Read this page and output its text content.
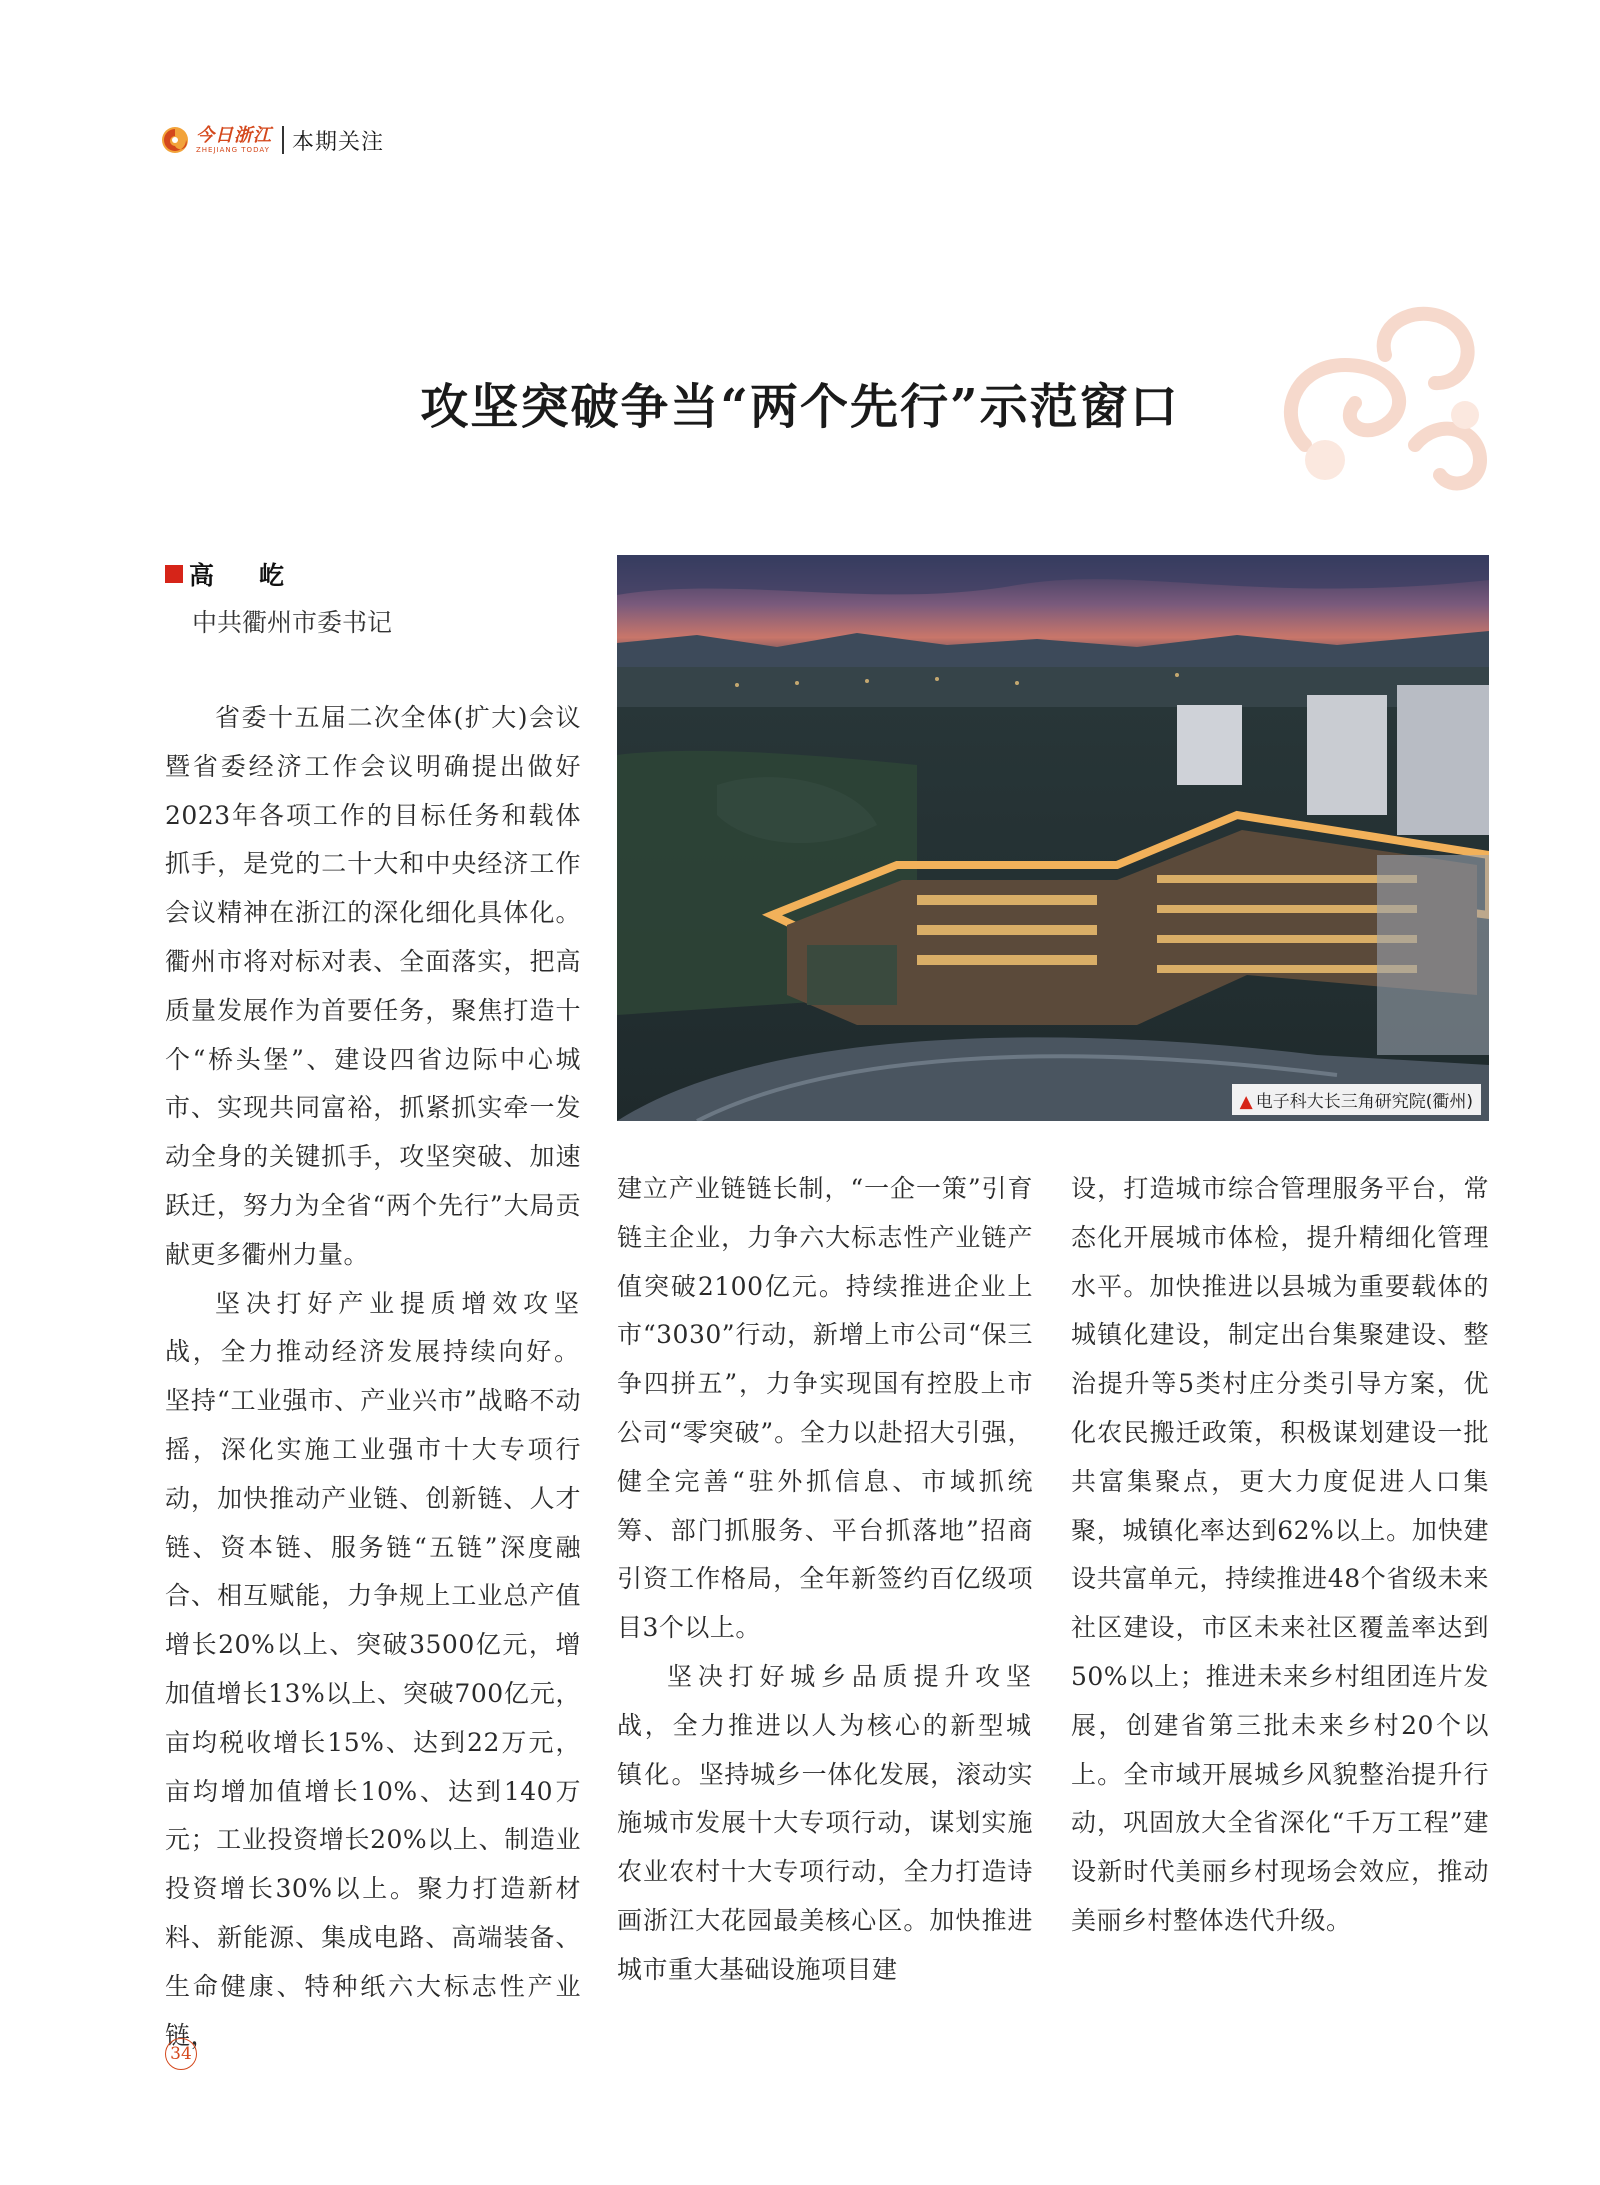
今日浙江
ZHEJIANG TODAY 本期关注
攻坚突破争当“两个先行”示范窗口
高　屹
中共衢州市委书记
▲ 电子科大长三角研究院(衢州)

省委十五届二次全体(扩大)会议暨省委经济工作会议明确提出做好2023年各项工作的目标任务和载体抓手，是党的二十大和中央经济工作会议精神在浙江的深化细化具体化。衢州市将对标对表、全面落实，把高质量发展作为首要任务，聚焦打造十个“桥头堡”、建设四省边际中心城市、实现共同富裕，抓紧抓实牵一发动全身的关键抓手，攻坚突破、加速跃迁，努力为全省“两个先行”大局贡献更多衢州力量。

坚决打好产业提质增效攻坚战，全力推动经济发展持续向好。坚持“工业强市、产业兴市”战略不动摇，深化实施工业强市十大专项行动，加快推动产业链、创新链、人才链、资本链、服务链“五链”深度融合、相互赋能，力争规上工业总产值增长20%以上、突破3500亿元，增加值增长13%以上、突破700亿元，亩均税收增长15%、达到22万元，亩均增加值增长10%、达到140万元；工业投资增长20%以上、制造业投资增长30%以上。聚力打造新材料、新能源、集成电路、高端装备、生命健康、特种纸六大标志性产业链，

建立产业链链长制，“一企一策”引育链主企业，力争六大标志性产业链产值突破2100亿元。持续推进企业上市“3030”行动，新增上市公司“保三争四拼五”，力争实现国有控股上市公司“零突破”。全力以赴招大引强，健全完善“驻外抓信息、市域抓统筹、部门抓服务、平台抓落地”招商引资工作格局，全年新签约百亿级项目3个以上。

坚决打好城乡品质提升攻坚战，全力推进以人为核心的新型城镇化。坚持城乡一体化发展，滚动实施城市发展十大专项行动，谋划实施农业农村十大专项行动，全力打造诗画浙江大花园最美核心区。加快推进城市重大基础设施项目建

设，打造城市综合管理服务平台，常态化开展城市体检，提升精细化管理水平。加快推进以县城为重要载体的城镇化建设，制定出台集聚建设、整治提升等5类村庄分类引导方案，优化农民搬迁政策，积极谋划建设一批共富集聚点，更大力度促进人口集聚，城镇化率达到62%以上。加快建设共富单元，持续推进48个省级未来社区建设，市区未来社区覆盖率达到50%以上；推进未来乡村组团连片发展，创建省第三批未来乡村20个以上。全市域开展城乡风貌整治提升行动，巩固放大全省深化“千万工程”建设新时代美丽乡村现场会效应，推动美丽乡村整体迭代升级。

34
